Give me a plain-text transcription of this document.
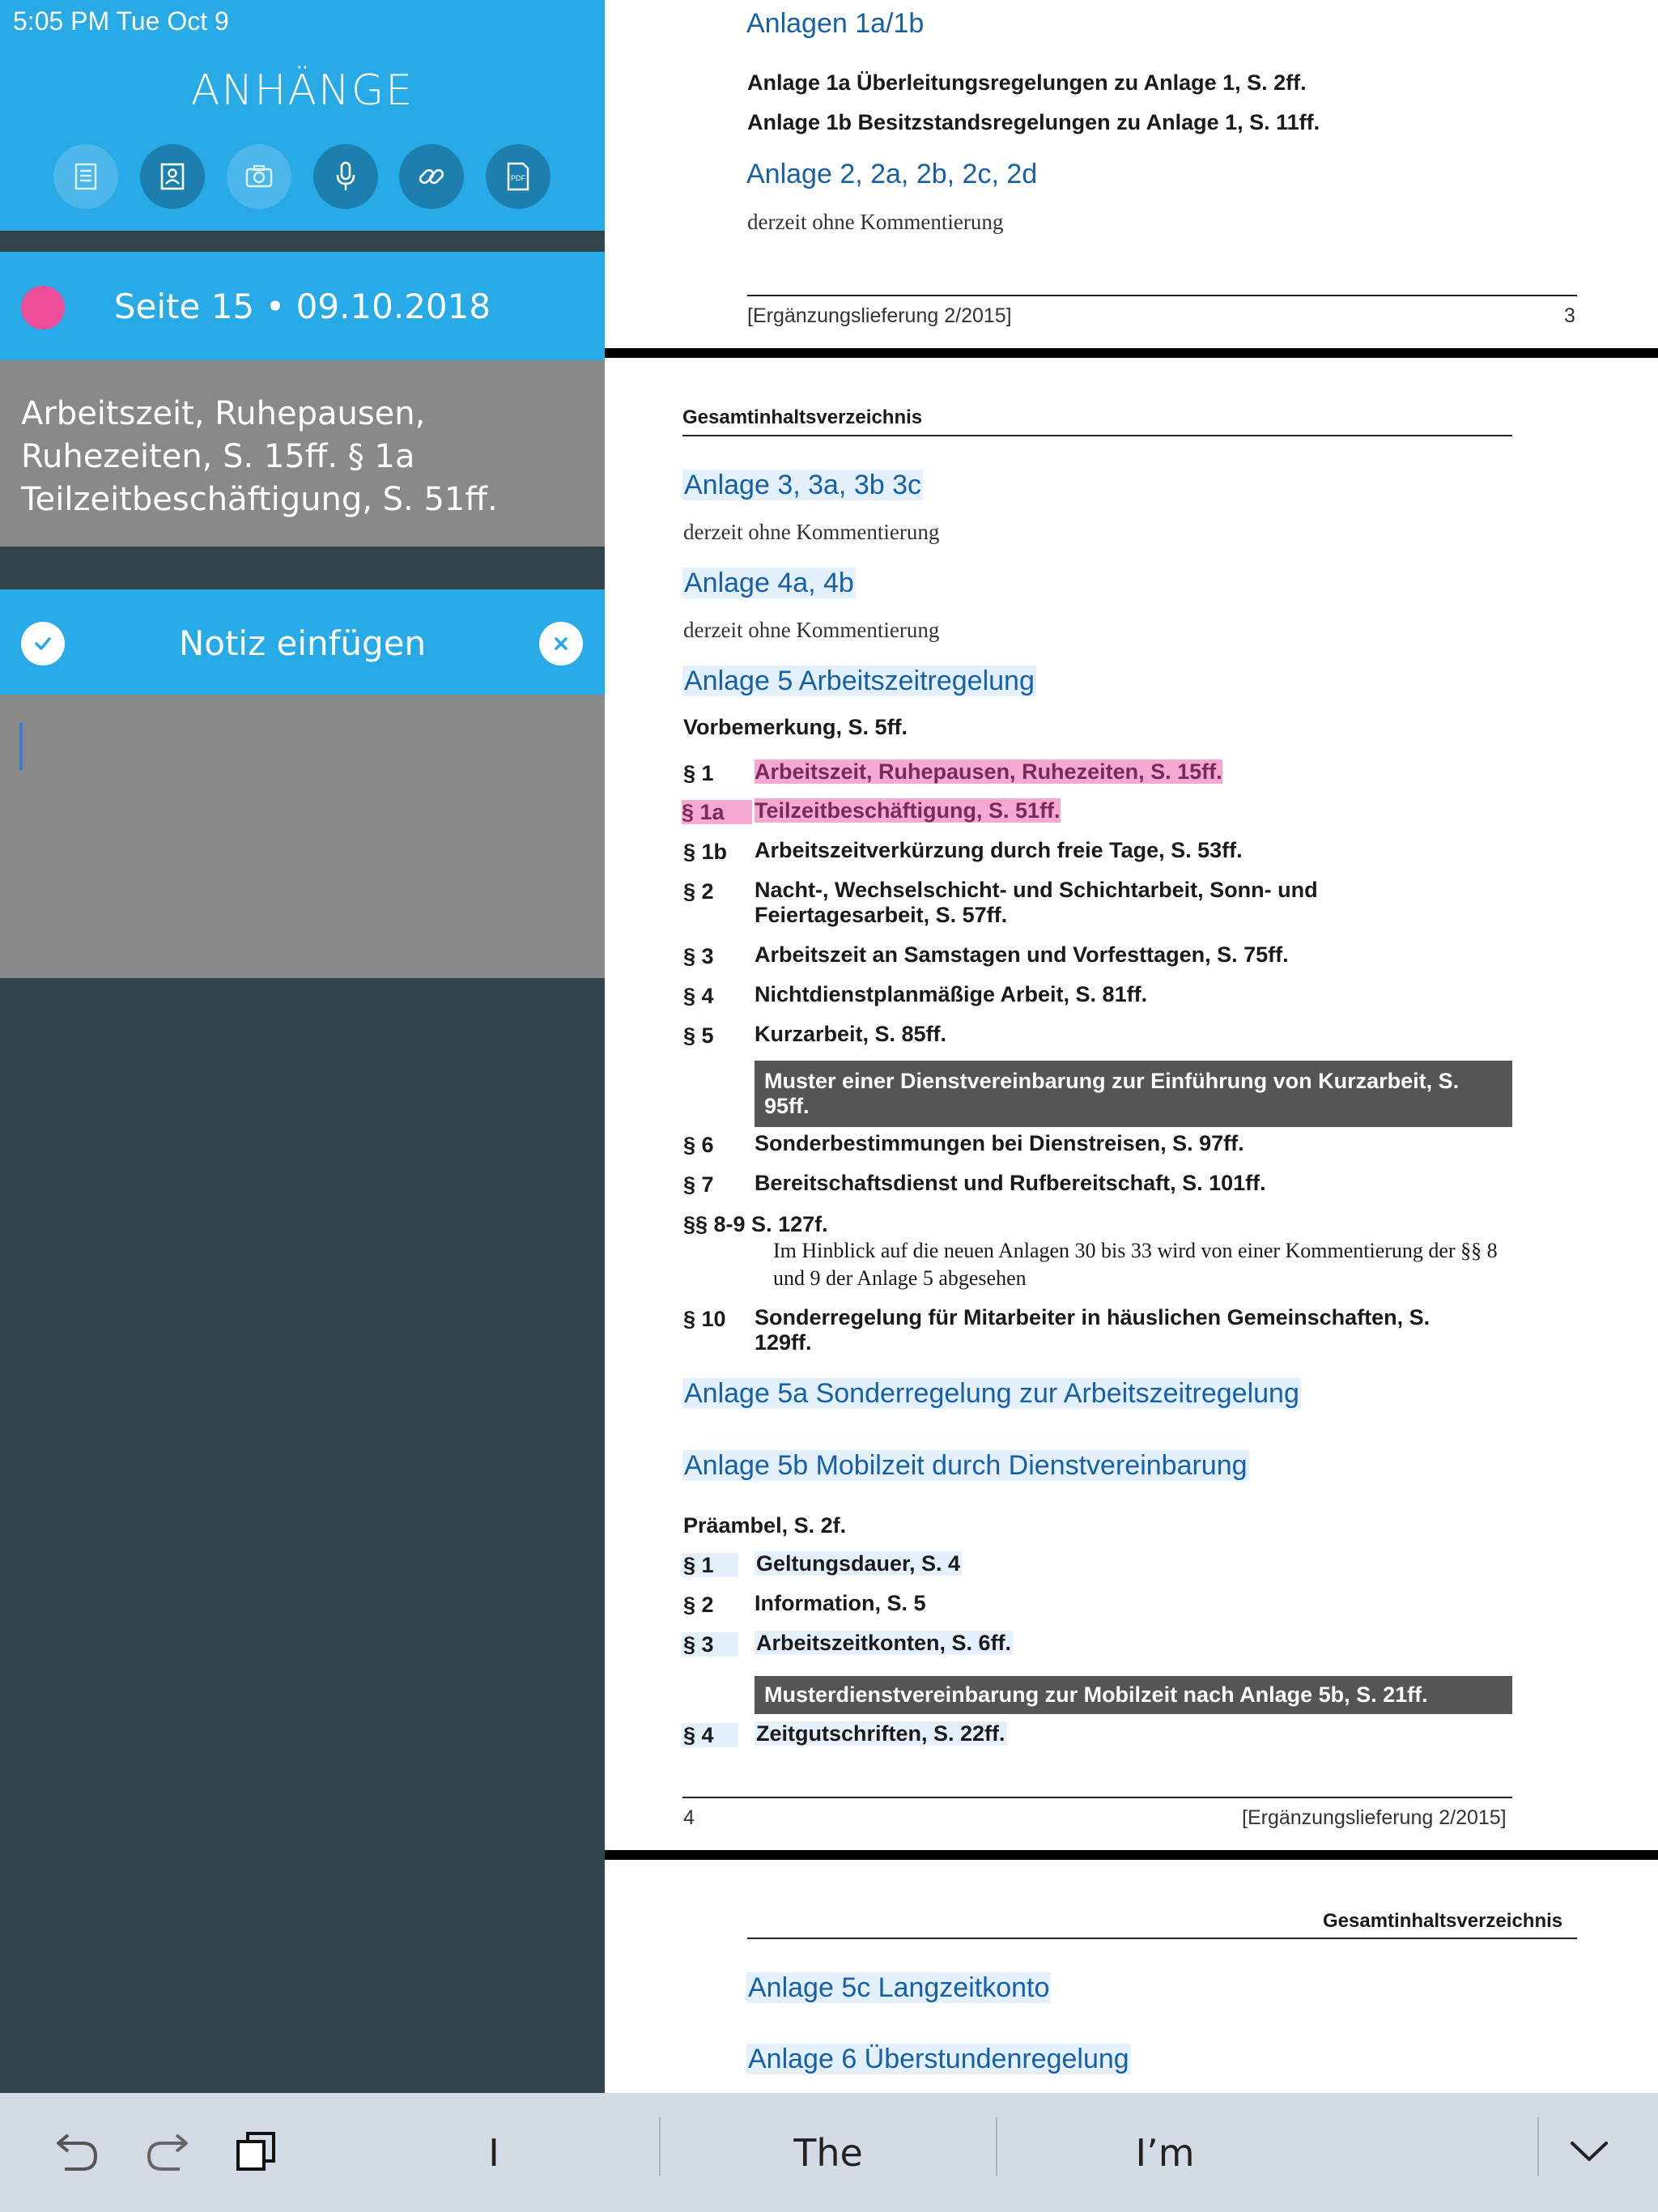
5:05 PM Tue Oct 9
ANHÄNGE
PDF
Seite 15 • 09.10.2018
Arbeitszeit, Ruhepausen, Ruhezeiten, S. 15ff. § 1a Teilzeitbeschäftigung, S. 51ff.
Notiz einfügen
Anlagen 1a/1b
Anlage 1a Überleitungsregelungen zu Anlage 1, S. 2ff.
Anlage 1b Besitzstandsregelungen zu Anlage 1, S. 11ff.
Anlage 2, 2a, 2b, 2c, 2d
derzeit ohne Kommentierung
[Ergänzungslieferung 2/2015]	3
Gesamtinhaltsverzeichnis
Anlage 3, 3a, 3b 3c
derzeit ohne Kommentierung
Anlage 4a, 4b
derzeit ohne Kommentierung
Anlage 5 Arbeitszeitregelung
Vorbemerkung, S. 5ff.
§ 1 Arbeitszeit, Ruhepausen, Ruhezeiten, S. 15ff.
§ 1a	Teilzeitbeschäftigung, S. 51ff.
§ 1b Arbeitszeitverkürzung durch freie Tage, S. 53ff.
§ 2 Nacht-, Wechselschicht- und Schichtarbeit, Sonn- und Feiertagesarbeit, S. 57ff.
§ 3 Arbeitszeit an Samstagen und Vorfesttagen, S. 75ff.
§ 4 Nichtdienstplanmäßige Arbeit, S. 81ff.
§ 5 Kurzarbeit, S. 85ff.
Muster einer Dienstvereinbarung zur Einführung von Kurzarbeit, S. 95ff.
§ 6 Sonderbestimmungen bei Dienstreisen, S. 97ff.
§ 7 Bereitschaftsdienst und Rufbereitschaft, S. 101ff.
§§ 8-9 S. 127f.
Im Hinblick auf die neuen Anlagen 30 bis 33 wird von einer Kommentierung der §§ 8 und 9 der Anlage 5 abgesehen
§ 10 Sonderregelung für Mitarbeiter in häuslichen Gemeinschaften, S. 129ff.
Anlage 5a Sonderregelung zur Arbeitszeitregelung
Anlage 5b Mobilzeit durch Dienstvereinbarung
Präambel, S. 2f.
§ 1	Geltungsdauer, S. 4
§ 2 Information, S. 5
§ 3	Arbeitszeitkonten, S. 6ff.
Musterdienstvereinbarung zur Mobilzeit nach Anlage 5b, S. 21ff.
§ 4	Zeitgutschriften, S. 22ff.
4	[Ergänzungslieferung 2/2015]
Gesamtinhaltsverzeichnis
Anlage 5c Langzeitkonto
Anlage 6 Überstundenregelung
I	The	I’m
